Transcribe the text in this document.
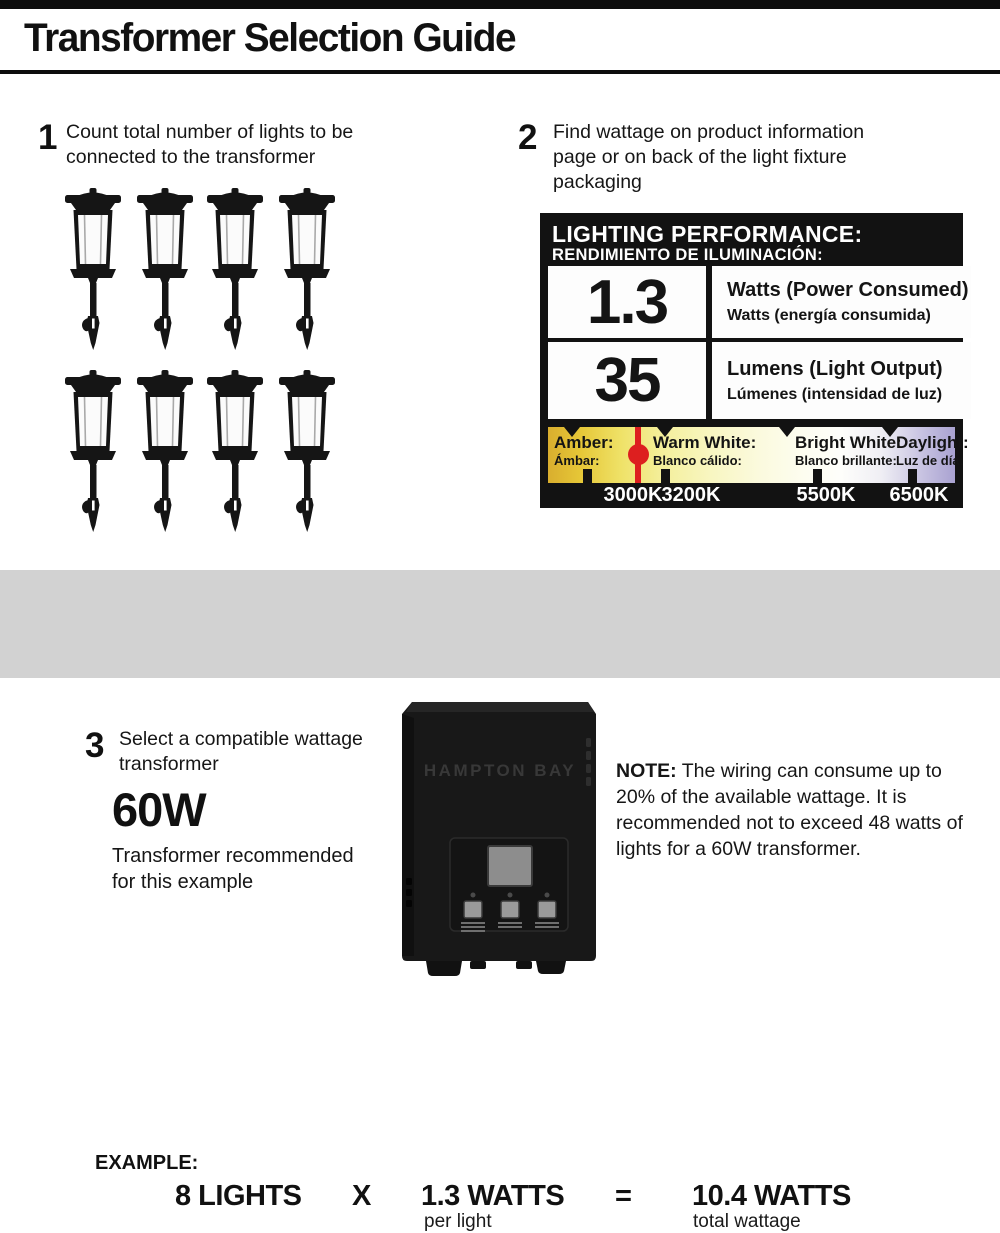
Transformer Selection Guide
1 Count total number of lights to be connected to the transformer	2 Find wattage on product information page or on back of the light fixture packaging
LIGHTING PERFORMANCE:
RENDIMIENTO DE ILUMINACIÓN:
1.3	Watts (Power Consumed)
Watts (energía consumida)
35	Lumens (Light Output)
Lúmenes (intensidad de luz)
Amber:
Ámbar:
Warm White:
Blanco cálido:
Bright White:
Blanco brillante:
Daylight:
Luz de día:
3000K 3200K	5500K 6500K
EXAMPLE:
8 LIGHTS X 1.3 WATTS = 10.4 WATTS
per light	total wattage
3 Select a compatible wattage transformer
60W
Transformer recommended for this example
HAMPTON BAY NOTE: The wiring can consume up to 20% of the available wattage. It is recommended not to exceed 48 watts of lights for a 60W transformer.
